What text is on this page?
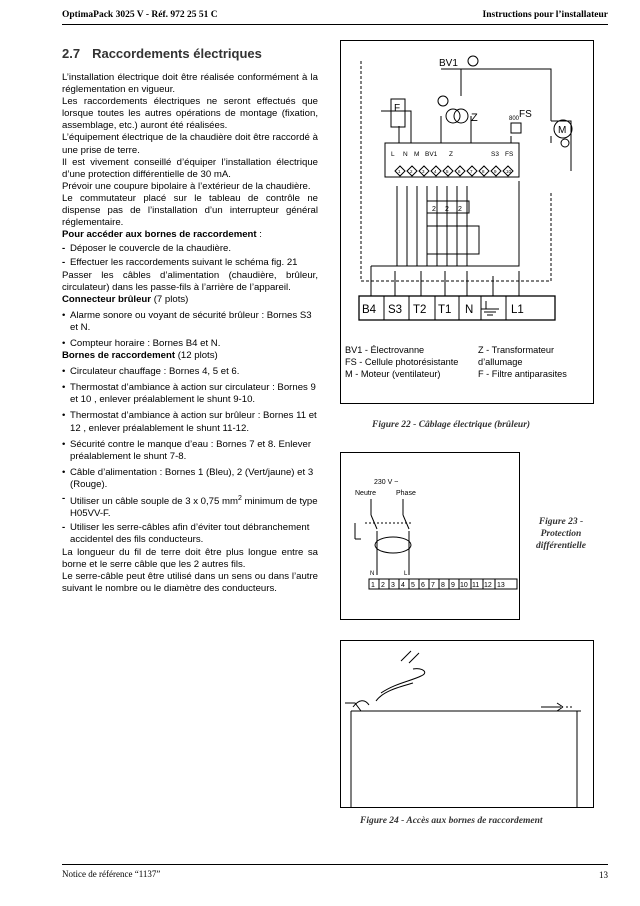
OptimaPack 3025 V - Réf. 972 25 51 C	Instructions pour l’installateur
2.7 Raccordements électriques

L’installation électrique doit être réalisée conformément à la réglementation en vigueur.

Les raccordements électriques ne seront effectués que lorsque toutes les autres opérations de montage (fixation, assemblage, etc.) auront été réalisées.

L’équipement électrique de la chaudière doit être raccordé à une prise de terre.

Il est vivement conseillé d’équiper l’installation électrique d’une protection différentielle de 30 mA.

Prévoir une coupure bipolaire à l’extérieur de la chaudière.

Le commutateur placé sur le tableau de contrôle ne dispense pas de l’installation d’un interrupteur général réglementaire.

Pour accéder aux bornes de raccordement :

- Déposer le couvercle de la chaudière.
- Effectuer les raccordements suivant le schéma fig. 21

Passer les câbles d’alimentation (chaudière, brûleur, circulateur) dans les passe-fils à l’arrière de l’appareil.

Connecteur brûleur (7 plots)

• Alarme sonore ou voyant de sécurité brûleur : Bornes S3 et N.
• Compteur horaire : Bornes B4 et N.

Bornes de raccordement (12 plots)

• Circulateur chauffage : Bornes 4, 5 et 6.
• Thermostat d’ambiance à action sur circulateur : Bornes 9 et 10 , enlever préalablement le shunt 9-10.
• Thermostat d’ambiance à action sur brûleur : Bornes 11 et 12 , enlever préalablement le shunt 11-12.
• Sécurité contre le manque d’eau : Bornes 7 et 8. Enlever préalablement le shunt 7-8.
• Câble d’alimentation : Bornes 1 (Bleu), 2 (Vert/jaune) et 3 (Rouge).
- Utiliser un câble souple de 3 x 0,75 $mm^2$ minimum de type H05VV-F.
- Utiliser les serre-câbles afin d’éviter tout débranchement accidentel des fils conducteurs.

La longueur du fil de terre doit être plus longue entre sa borne et le serre câble que les 2 autres fils.

Le serre-câble peut être utilisé dans un sens ou dans l’autre suivant le nombre ou le diamètre des conducteurs.

BV1
F
Z	FS
M
800
L N M BV1 Z	S3 FS
1 2 3 4 5 6 7 8 9 10
2 2 2
B4 S3 T2 T1 N	L1
BV1 - Électrovanne
FS - Cellule photorésistante
M - Moteur (ventilateur)
Z - Transformateur d’allumage
F - Filtre antiparasites
Figure 22 - Câblage électrique (brûleur)
230 V ~
Neutre	Phase
N	L
1 2 3 4 5 6 7 8 9 10 11 12 13
Figure 23 -
Protection
différentielle
Figure 24 - Accès aux bornes de raccordement
Notice de référence “1137”	13
